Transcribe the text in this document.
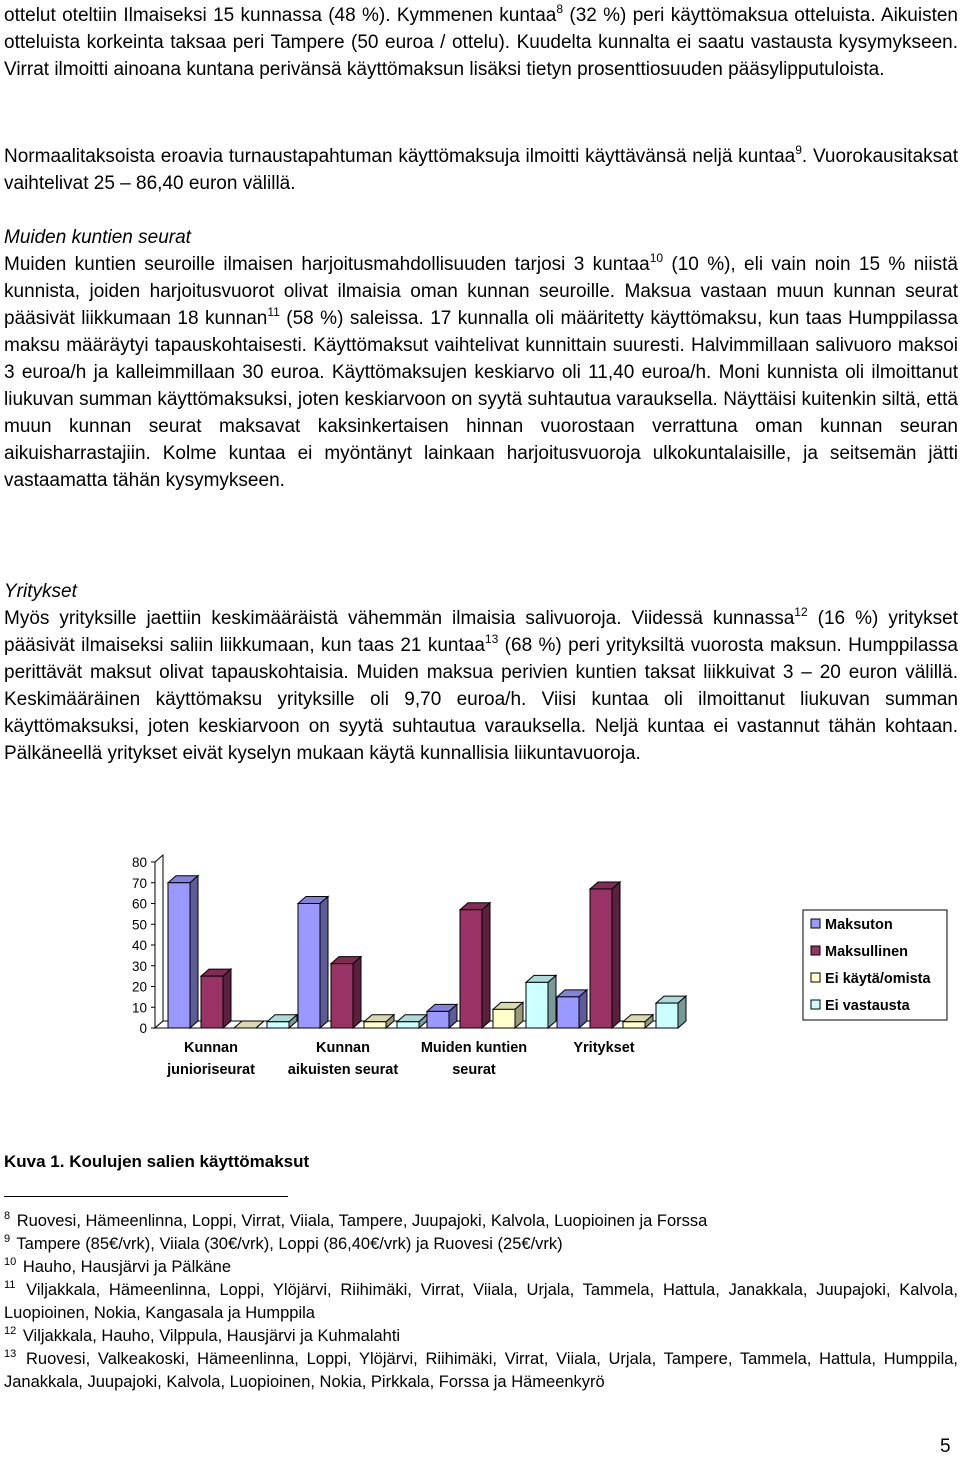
ottelut oteltiin Ilmaiseksi 15 kunnassa (48 %). Kymmenen kuntaa$^8$ (32 %) peri käyttömaksua otteluista. Aikuisten otteluista korkeinta taksaa peri Tampere (50 euroa / ottelu). Kuudelta kunnalta ei saatu vastausta kysymykseen. Virrat ilmoitti ainoana kuntana perivänsä käyttömaksun lisäksi tietyn prosenttiosuuden pääsylipputuloista.
Normaalitaksoista eroavia turnaustapahtuman käyttömaksuja ilmoitti käyttävänsä neljä kuntaa$^9$. Vuorokausitaksat vaihtelivat 25 – 86,40 euron välillä.
Muiden kuntien seurat
Muiden kuntien seuroille ilmaisen harjoitusmahdollisuuden tarjosi 3 kuntaa$^{10}$ (10 %), eli vain noin 15 % niistä kunnista, joiden harjoitusvuorot olivat ilmaisia oman kunnan seuroille. Maksua vastaan muun kunnan seurat pääsivät liikkumaan 18 kunnan$^{11}$ (58 %) saleissa. 17 kunnalla oli määritetty käyttömaksu, kun taas Humppilassa maksu määräytyi tapauskohtaisesti. Käyttömaksut vaihtelivat kunnittain suuresti. Halvimmillaan salivuoro maksoi 3 euroa/h ja kalleimmillaan 30 euroa. Käyttömaksujen keskiarvo oli 11,40 euroa/h. Moni kunnista oli ilmoittanut liukuvan summan käyttömaksuksi, joten keskiarvoon on syytä suhtautua varauksella. Näyttäisi kuitenkin siltä, että muun kunnan seurat maksavat kaksinkertaisen hinnan vuorostaan verrattuna oman kunnan seuran aikuisharrastajiin. Kolme kuntaa ei myöntänyt lainkaan harjoitusvuoroja ulkokuntalaisille, ja seitsemän jätti vastaamatta tähän kysymykseen.
Yritykset
Myös yrityksille jaettiin keskimääräistä vähemmän ilmaisia salivuoroja. Viidessä kunnassa$^{12}$ (16 %) yritykset pääsivät ilmaiseksi saliin liikkumaan, kun taas 21 kuntaa$^{13}$ (68 %) peri yrityksiltä vuorosta maksun. Humppilassa perittävät maksut olivat tapauskohtaisia. Muiden maksua perivien kuntien taksat liikkuivat 3 – 20 euron välillä. Keskimääräinen käyttömaksu yrityksille oli 9,70 euroa/h. Viisi kuntaa oli ilmoittanut liukuvan summan käyttömaksuksi, joten keskiarvoon on syytä suhtautua varauksella. Neljä kuntaa ei vastannut tähän kohtaan. Pälkäneellä yritykset eivät kyselyn mukaan käytä kunnallisia liikuntavuoroja.
80
70
60
50
40
30
20
10
0
Kunnan
junioriseurat
Kunnan
aikuisten seurat
Muiden kuntien
seurat
Yritykset
Maksuton
Maksullinen
Ei käytä/omista
Ei vastausta
Kuva 1. Koulujen salien käyttömaksut
$^8$ Ruovesi, Hämeenlinna, Loppi, Virrat, Viiala, Tampere, Juupajoki, Kalvola, Luopioinen ja Forssa
$^9$ Tampere (85€/vrk), Viiala (30€/vrk), Loppi (86,40€/vrk) ja Ruovesi (25€/vrk)
$^{10}$ Hauho, Hausjärvi ja Pälkäne
$^{11}$ Viljakkala, Hämeenlinna, Loppi, Ylöjärvi, Riihimäki, Virrat, Viiala, Urjala, Tammela, Hattula, Janakkala, Juupajoki, Kalvola, Luopioinen, Nokia, Kangasala ja Humppila
$^{12}$ Viljakkala, Hauho, Vilppula, Hausjärvi ja Kuhmalahti
$^{13}$ Ruovesi, Valkeakoski, Hämeenlinna, Loppi, Ylöjärvi, Riihimäki, Virrat, Viiala, Urjala, Tampere, Tammela, Hattula, Humppila, Janakkala, Juupajoki, Kalvola, Luopioinen, Nokia, Pirkkala, Forssa ja Hämeenkyrö
5
